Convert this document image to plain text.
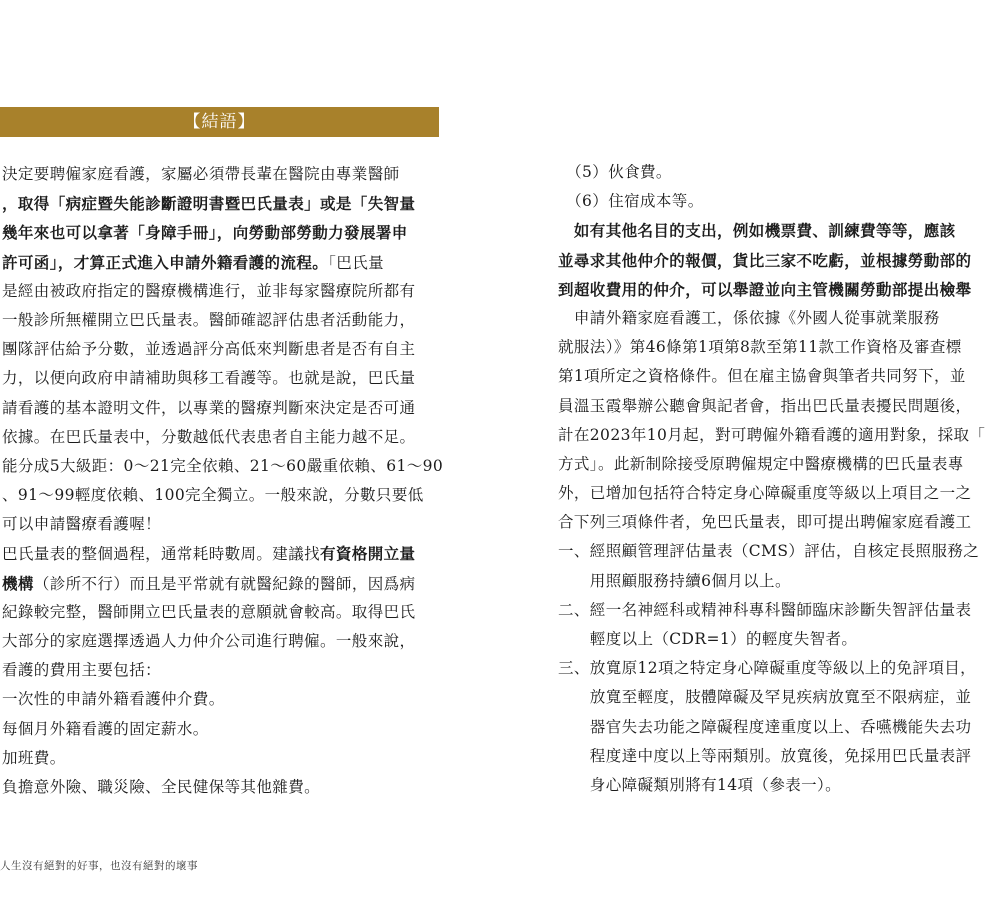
【結語】
決定要聘僱家庭看護，家屬必須帶長輩在醫院由專業醫師
，取得「病症暨失能診斷證明書暨巴氏量表」或是「失智量
幾年來也可以拿著「身障手冊」，向勞動部勞動力發展署申
許可函」，才算正式進入申請外籍看護的流程。「巴氏量
是經由被政府指定的醫療機構進行，並非每家醫療院所都有
一般診所無權開立巴氏量表。醫師確認評估患者活動能力，
團隊評估給予分數，並透過評分高低來判斷患者是否有自主
力，以便向政府申請補助與移工看護等。也就是說，巴氏量
請看護的基本證明文件，以專業的醫療判斷來決定是否可通
依據。在巴氏量表中，分數越低代表患者自主能力越不足。
能分成5大級距：0～21完全依賴、21～60嚴重依賴、61～90
、91～99輕度依賴、100完全獨立。一般來說，分數只要低
可以申請醫療看護喔！
巴氏量表的整個過程，通常耗時數周。建議找有資格開立量
機構（診所不行）而且是平常就有就醫紀錄的醫師，因爲病
紀錄較完整，醫師開立巴氏量表的意願就會較高。取得巴氏
大部分的家庭選擇透過人力仲介公司進行聘僱。一般來說，
看護的費用主要包括：
一次性的申請外籍看護仲介費。
每個月外籍看護的固定薪水。
加班費。
負擔意外險、職災險、全民健保等其他雜費。
人生沒有絕對的好事，也沒有絕對的壞事
　（5）伙食費。
　（6）住宿成本等。
　如有其他名目的支出，例如機票費、訓練費等等，應該
並尋求其他仲介的報價，貨比三家不吃虧，並根據勞動部的
到超收費用的仲介，可以舉證並向主管機關勞動部提出檢舉
　申請外籍家庭看護工，係依據《外國人從事就業服務
就服法）》第46條第1項第8款至第11款工作資格及審查標
第1項所定之資格條件。但在雇主協會與筆者共同努下，並
員溫玉霞舉辦公聽會與記者會，指出巴氏量表擾民問題後，
計在2023年10月起，對可聘僱外籍看護的適用對象，採取「
方式」。此新制除接受原聘僱規定中醫療機構的巴氏量表專
外，已增加包括符合特定身心障礙重度等級以上項目之一之
合下列三項條件者，免巴氏量表，即可提出聘僱家庭看護工
一、經照顧管理評估量表（CMS）評估，自核定長照服務之
　　用照顧服務持續6個月以上。
二、經一名神經科或精神科專科醫師臨床診斷失智評估量表
　　輕度以上（CDR=1）的輕度失智者。
三、放寬原12項之特定身心障礙重度等級以上的免評項目，
　　放寬至輕度，肢體障礙及罕見疾病放寬至不限病症，並
　　器官失去功能之障礙程度達重度以上、呑嚥機能失去功
　　程度達中度以上等兩類別。放寬後，免採用巴氏量表評
　　身心障礙類別將有14項（參表一）。
